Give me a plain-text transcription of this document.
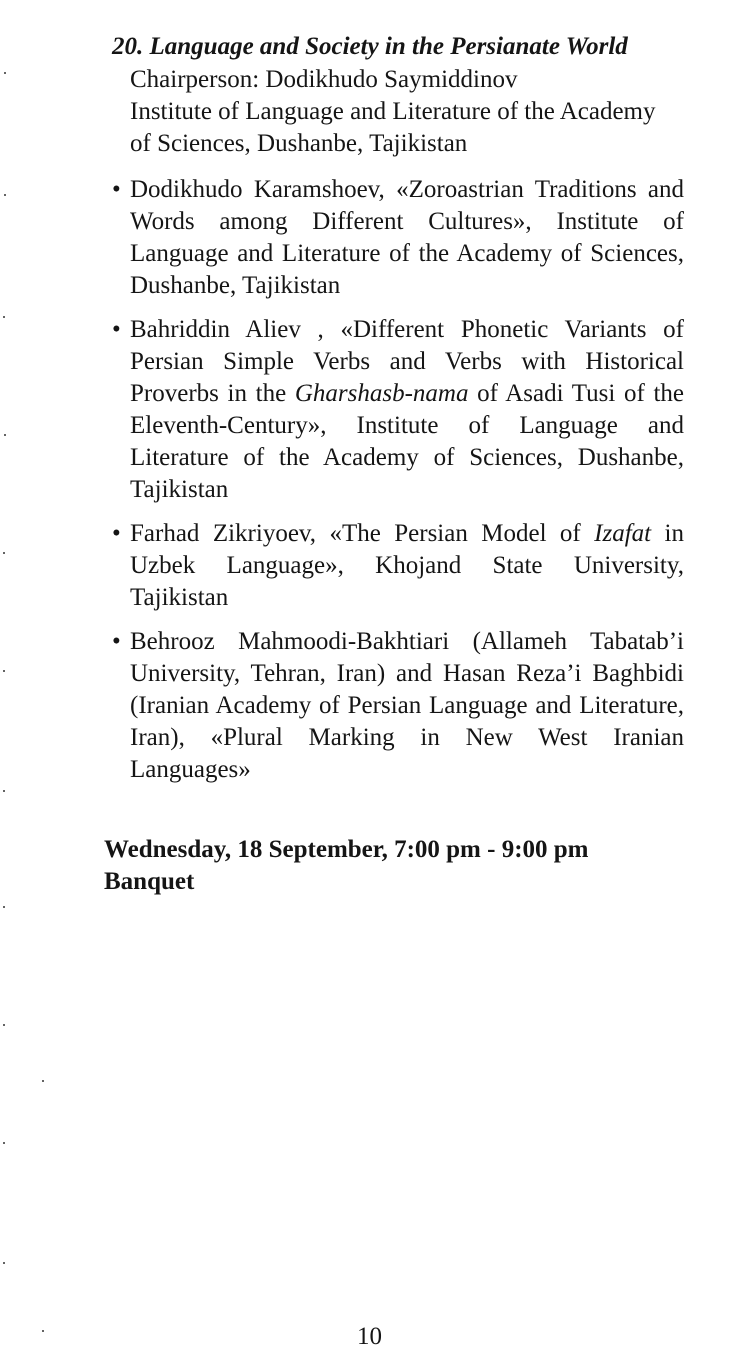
20. Language and Society in the Persianate World

Chairperson: Dodikhudo Saymiddinov

Institute of Language and Literature of the Academy

of Sciences, Dushanbe, Tajikistan

• Dodikhudo Karamshoev, «Zoroastrian Traditions and Words among Different Cultures», Institute of Language and Literature of the Academy of Sciences, Dushanbe, Tajikistan
• Bahriddin Aliev , «Different Phonetic Variants of Persian Simple Verbs and Verbs with Historical Proverbs in the Gharshasb-nama of Asadi Tusi of the Eleventh-Century», Institute of Language and Literature of the Academy of Sciences, Dushanbe, Tajikistan
• Farhad Zikriyoev, «The Persian Model of Izafat in Uzbek Language», Khojand State University, Tajikistan
• Behrooz Mahmoodi-Bakhtiari (Allameh Tabatab’i University, Tehran, Iran) and Hasan Reza’i Baghbidi (Iranian Academy of Persian Language and Literature, Iran), «Plural Marking in New West Iranian Languages»
Wednesday, 18 September, 7:00 pm - 9:00 pm
Banquet
10
